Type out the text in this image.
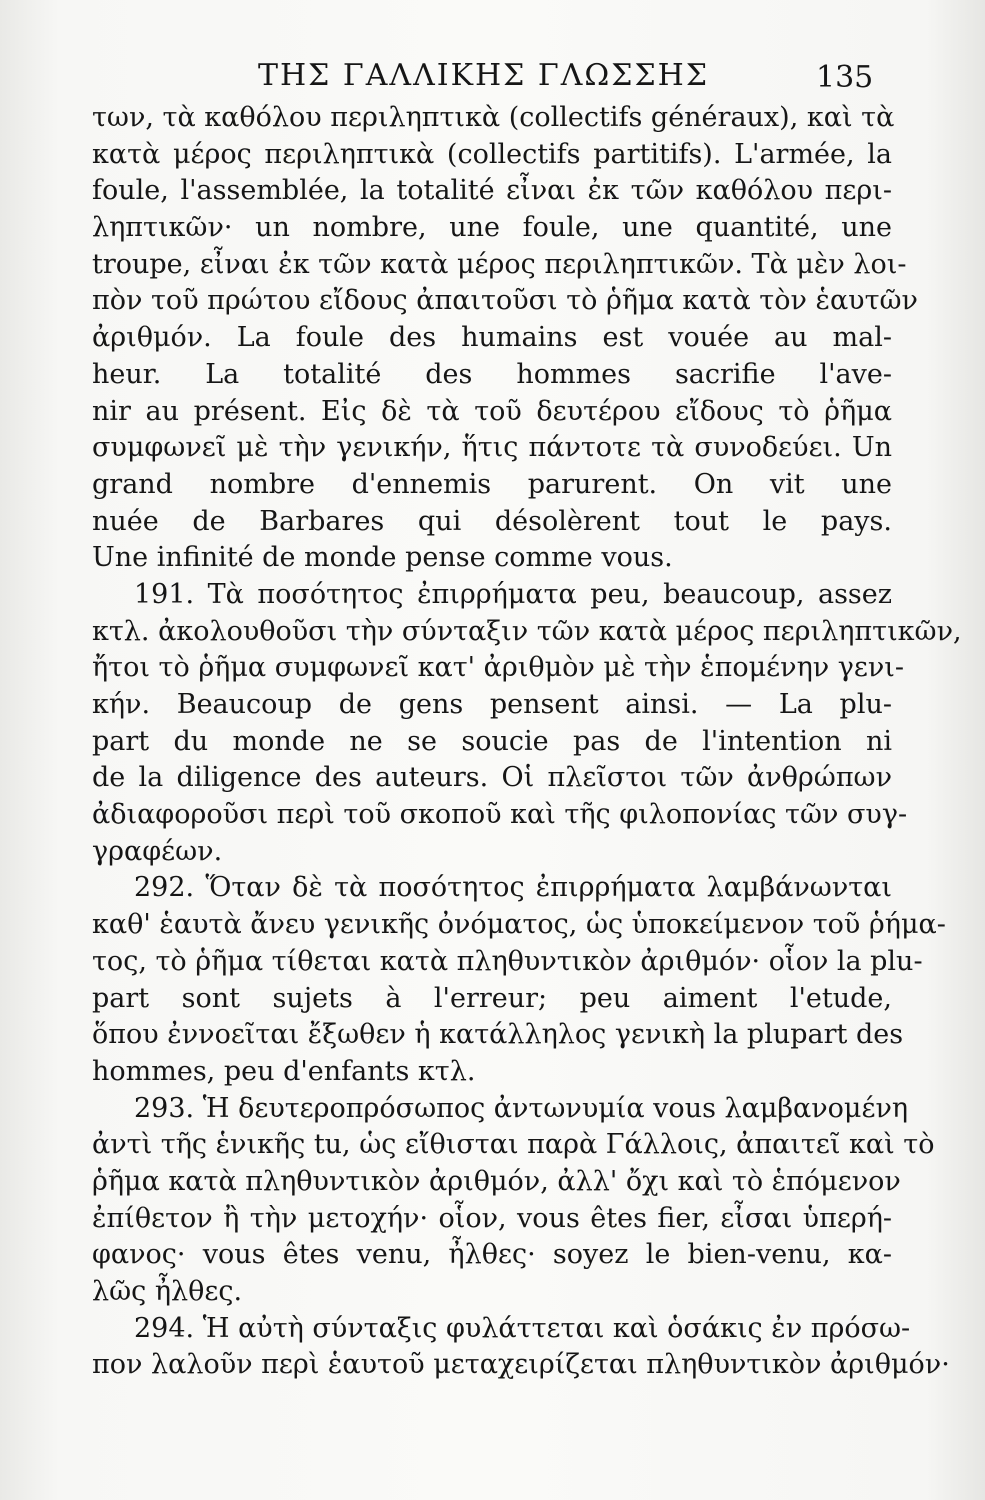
ΤΗΣ ΓΑΛΛΙΚΗΣ ΓΛΩΣΣΗΣ	135
των, τὰ καθόλου περιληπτικὰ (collectifs généraux), καὶ τὰ
κατὰ μέρος περιληπτικὰ (collectifs partitifs). L'armée, la
foule, l'assemblée, la totalité εἶναι ἐκ τῶν καθόλου περι-
ληπτικῶν· un nombre, une foule, une quantité, une
troupe, εἶναι ἐκ τῶν κατὰ μέρος περιληπτικῶν. Τὰ μὲν λοι-
πὸν τοῦ πρώτου εἴδους ἀπαιτοῦσι τὸ ῥῆμα κατὰ τὸν ἑαυτῶν
ἀριθμόν. La foule des humains est vouée au mal-
heur. La totalité des hommes sacrifie l'ave-
nir au présent. Εἰς δὲ τὰ τοῦ δευτέρου εἴδους τὸ ῥῆμα
συμφωνεῖ μὲ τὴν γενικήν, ἥτις πάντοτε τὰ συνοδεύει. Un
grand nombre d'ennemis parurent. On vit une
nuée de Barbares qui désolèrent tout le pays.
Une infinité de monde pense comme vous.
191. Τὰ ποσότητος ἐπιρρήματα peu, beaucoup, assez
κτλ. ἀκολουθοῦσι τὴν σύνταξιν τῶν κατὰ μέρος περιληπτικῶν,
ἤτοι τὸ ῥῆμα συμφωνεῖ κατ' ἀριθμὸν μὲ τὴν ἑπομένην γενι-
κήν. Beaucoup de gens pensent ainsi. — La plu-
part du monde ne se soucie pas de l'intention ni
de la diligence des auteurs. Οἱ πλεῖστοι τῶν ἀνθρώπων
ἀδιαφοροῦσι περὶ τοῦ σκοποῦ καὶ τῆς φιλοπονίας τῶν συγ-
γραφέων.
292. Ὅταν δὲ τὰ ποσότητος ἐπιρρήματα λαμβάνωνται
καθ' ἑαυτὰ ἄνευ γενικῆς ὀνόματος, ὡς ὑποκείμενον τοῦ ῥήμα-
τος, τὸ ῥῆμα τίθεται κατὰ πληθυντικὸν ἀριθμόν· οἷον la plu-
part sont sujets à l'erreur; peu aiment l'etude,
ὅπου ἐννοεῖται ἔξωθεν ἡ κατάλληλος γενικὴ la plupart des
hommes, peu d'enfants κτλ.
293. Ἡ δευτεροπρόσωπος ἀντωνυμία vous λαμβανομένη
ἀντὶ τῆς ἑνικῆς tu, ὡς εἴθισται παρὰ Γάλλοις, ἀπαιτεῖ καὶ τὸ
ῥῆμα κατὰ πληθυντικὸν ἀριθμόν, ἀλλ' ὄχι καὶ τὸ ἑπόμενον
ἐπίθετον ἢ τὴν μετοχήν· οἷον, vous êtes fier, εἶσαι ὑπερή-
φανος· vous êtes venu, ἦλθες· soyez le bien-venu, κα-
λῶς ἦλθες.
294. Ἡ αὐτὴ σύνταξις φυλάττεται καὶ ὁσάκις ἐν πρόσω-
πον λαλοῦν περὶ ἑαυτοῦ μεταχειρίζεται πληθυντικὸν ἀριθμόν·
